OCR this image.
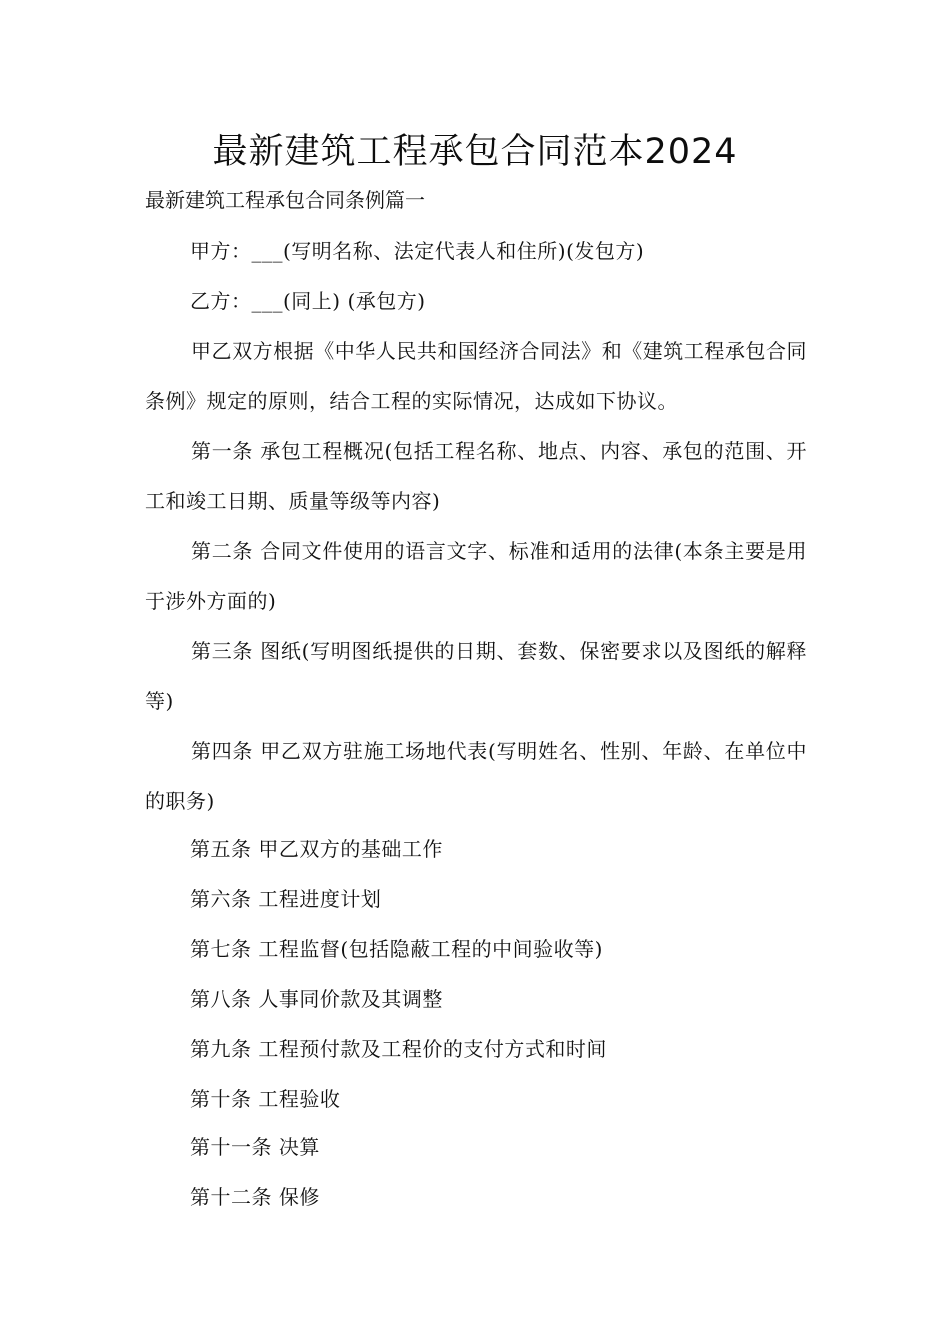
最新建筑工程承包合同范本2024
最新建筑工程承包合同条例篇一
甲方：___(写明名称、法定代表人和住所)(发包方)
乙方：___(同上) (承包方)
甲乙双方根据《中华人民共和国经济合同法》和《建筑工程承包合同条例》规定的原则，结合工程的实际情况，达成如下协议。
第一条 承包工程概况(包括工程名称、地点、内容、承包的范围、开工和竣工日期、质量等级等内容)
第二条 合同文件使用的语言文字、标准和适用的法律(本条主要是用于涉外方面的)
第三条 图纸(写明图纸提供的日期、套数、保密要求以及图纸的解释等)
第四条 甲乙双方驻施工场地代表(写明姓名、性别、年龄、在单位中的职务)
第五条 甲乙双方的基础工作
第六条 工程进度计划
第七条 工程监督(包括隐蔽工程的中间验收等)
第八条 人事同价款及其调整
第九条 工程预付款及工程价的支付方式和时间
第十条 工程验收
第十一条 决算
第十二条 保修
